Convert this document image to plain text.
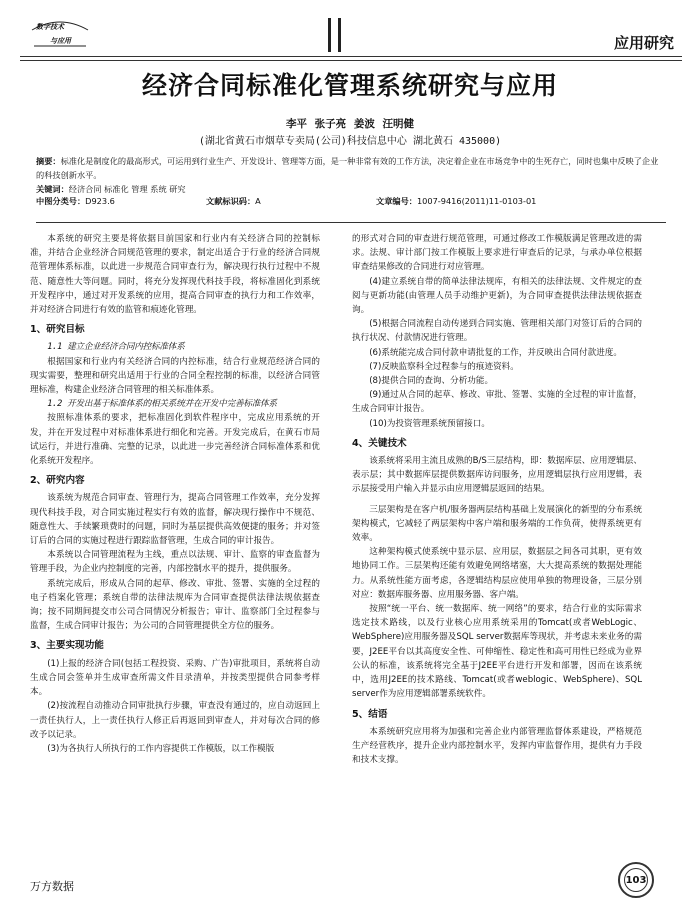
数字技术
与应用	应用研究
经济合同标准化管理系统研究与应用
李平 张子亮 姜波 汪明健
(湖北省黄石市烟草专卖局(公司)科技信息中心 湖北黄石 435000)
摘要：标准化是制度化的最高形式，可运用到行业生产、开发设计、管理等方面，是一种非常有效的工作方法，决定着企业在市场竞争中的生死存亡，同时也集中反映了企业的科技创新水平。
关键词：经济合同 标准化 管理 系统 研究
中图分类号： D923.6	文献标识码： A	文章编号： 1007-9416(2011)11-0103-01

本系统的研究主要是将依据目前国家和行业内有关经济合同的控制标准，并结合企业经济合同规范管理的要求，制定出适合于行业的经济合同规范管理体系标准，以此进一步规范合同审查行为，解决现行执行过程中不规范、随意性大等问题。同时，将充分发挥现代科技手段，将标准固化到系统开发程序中，通过对开发系统的应用，提高合同审查的执行力和工作效率，并对经济合同进行有效的监管和痕迹化管理。

1、研究目标
1.1 建立企业经济合同内控标准体系

根据国家和行业内有关经济合同的内控标准，结合行业规范经济合同的现实需要，整理和研究出适用于行业的合同全程控制的标准，以经济合同管理标准，构建企业经济合同管理的相关标准体系。

1.2 开发出基于标准体系的相关系统并在开发中完善标准体系

按照标准体系的要求，把标准固化到软件程序中，完成应用系统的开发，并在开发过程中对标准体系进行细化和完善。开发完成后，在黄石市局试运行，并进行准确、完整的记录，以此进一步完善经济合同标准体系和优化系统开发程序。

2、研究内容

该系统为规范合同审查、管理行为，提高合同管理工作效率，充分发挥现代科技手段，对合同实施过程实行有效的监督，解决现行操作中不规范、随意性大、手续繁琐费时的问题，同时为基层提供高效便捷的服务；并对签订后的合同的实施过程进行跟踪监督管理，生成合同的审计报告。

本系统以合同管理流程为主线，重点以法规、审计、监察的审查监督为管理手段，为企业内控制度的完善，内部控制水平的提升，提供服务。

系统完成后，形成从合同的起草、修改、审批、签署、实施的全过程的电子档案化管理；系统自带的法律法规库为合同审查提供法律法规依据查询；按不同期间提交市公司合同情况分析报告；审计、监察部门全过程参与监督，生成合同审计报告；为公司的合同管理提供全方位的服务。

3、主要实现功能

(1)上报的经济合同(包括工程投资、采购、广告)审批项目，系统将自动生成合同会签单并生成审查所需文件目录清单，并按类型提供合同参考样本。

(2)按流程自动推动合同审批执行步骤，审查没有通过的，应自动返回上一责任执行人，上一责任执行人修正后再返回到审查人，并对每次合同的修改予以记录。

(3)为各执行人所执行的工作内容提供工作模版，以工作模版

的形式对合同的审查进行规范管理，可通过修改工作模版满足管理改进的需求。法规、审计部门按工作模版上要求进行审查后的记录，与承办单位根据审查结果修改的合同进行对应管理。

(4)建立系统自带的简单法律法规库，有相关的法律法规、文件规定的查阅与更新功能(由管理人员手动维护更新)，为合同审查提供法律法规依据查询。

(5)根据合同流程自动传递到合同实施、管理相关部门对签订后的合同的执行状况、付款情况进行管理。

(6)系统能完成合同付款申请批复的工作，并反映出合同付款进度。

(7)反映监察科全过程参与的痕迹资料。

(8)提供合同的查询、分析功能。

(9)通过从合同的起草、修改、审批、签署、实施的全过程的审计监督，生成合同审计报告。

(10)为投资管理系统预留接口。

4、关键技术

该系统将采用主流且成熟的B/S三层结构，即：数据库层、应用逻辑层、表示层；其中数据库层提供数据库访问服务，应用逻辑层执行应用逻辑，表示层接受用户输入并显示由应用逻辑层返回的结果。

三层架构是在客户机/服务器两层结构基础上发展演化的新型的分布系统架构模式，它减轻了两层架构中客户端和服务端的工作负荷，使得系统更有效率。

这种架构模式使系统中显示层、应用层，数据层之间各司其职，更有效地协同工作。三层架构还能有效避免网络堵塞，大大提高系统的数据处理能力。从系统性能方面考虑，各逻辑结构层应使用单独的物理设备，三层分别对应：数据库服务器、应用服务器、客户端。

按照“统一平台、统一数据库、统一网络”的要求，结合行业的实际需求选定技术路线，以及行业核心应用系统采用的Tomcat(或者WebLogic、WebSphere)应用服务器及SQL server数据库等现状，并考虑未来业务的需要，J2EE平台以其高度安全性、可伸缩性、稳定性和高可用性已经成为业界公认的标准，该系统将完全基于J2EE平台进行开发和部署，因而在该系统中，选用J2EE的技术路线、Tomcat(或者weblogic、WebSphere)、SQL server作为应用逻辑部署系统软件。

5、结语

本系统研究应用将为加强和完善企业内部管理监督体系建设，严格规范生产经营秩序，提升企业内部控制水平，发挥内审监督作用，提供有力手段和技术支撑。

万方数据	103
